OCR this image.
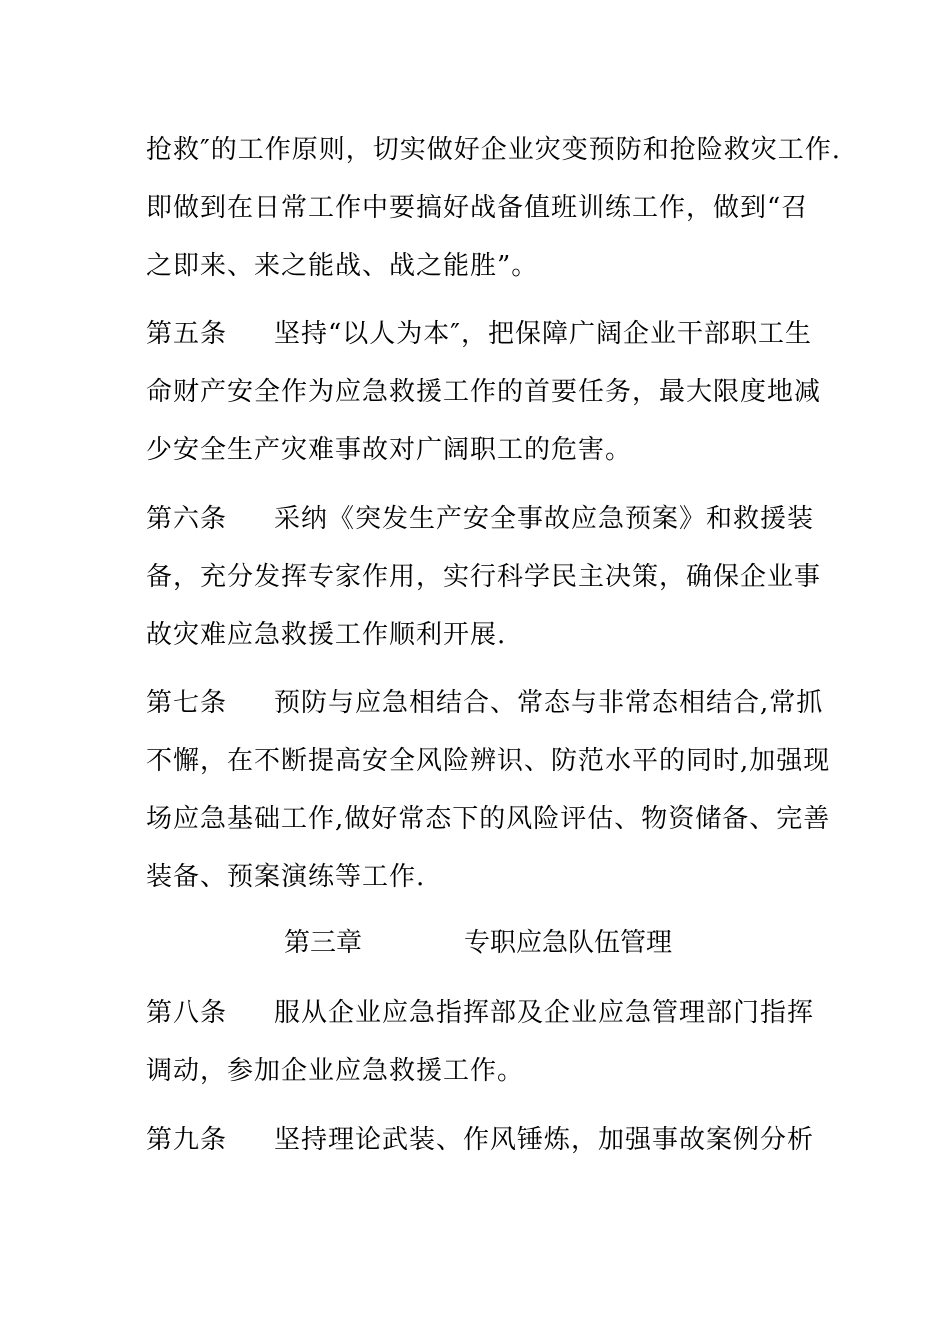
抢救″的工作原则，切实做好企业灾变预防和抢险救灾工作.
即做到在日常工作中要搞好战备值班训练工作，做到“召
之即来、来之能战、战之能胜”。
第五条 坚持“以人为本″，把保障广阔企业干部职工生
命财产安全作为应急救援工作的首要任务，最大限度地减
少安全生产灾难事故对广阔职工的危害。
第六条 采纳《突发生产安全事故应急预案》和救援装
备，充分发挥专家作用，实行科学民主决策，确保企业事
故灾难应急救援工作顺利开展.
第七条 预防与应急相结合、常态与非常态相结合,常抓
不懈，在不断提高安全风险辨识、防范水平的同时,加强现
场应急基础工作,做好常态下的风险评估、物资储备、完善
装备、预案演练等工作.
第三章	专职应急队伍管理
第八条 服从企业应急指挥部及企业应急管理部门指挥
调动，参加企业应急救援工作。
第九条 坚持理论武装、作风锤炼，加强事故案例分析
